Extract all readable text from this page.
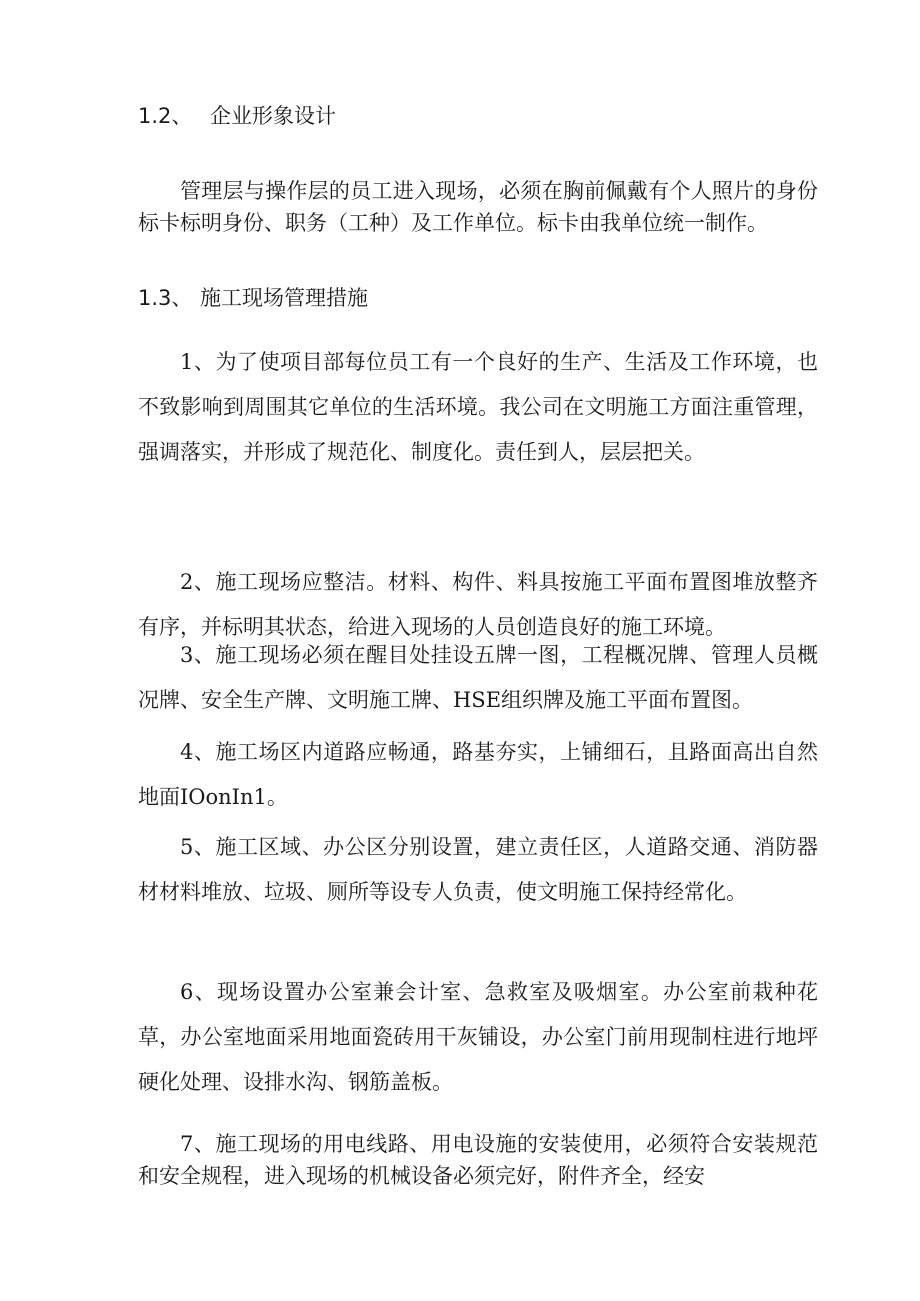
1.2、 企业形象设计

管理层与操作层的员工进入现场，必须在胸前佩戴有个人照片的身份标卡标明身份、职务（工种）及工作单位。标卡由我单位统一制作。

1.3、 施工现场管理措施

1、为了使项目部每位员工有一个良好的生产、生活及工作环境，也不致影响到周围其它单位的生活环境。我公司在文明施工方面注重管理，强调落实，并形成了规范化、制度化。责任到人，层层把关。

2、施工现场应整洁。材料、构件、料具按施工平面布置图堆放整齐有序，并标明其状态，给进入现场的人员创造良好的施工环境。

3、施工现场必须在醒目处挂设五牌一图，工程概况牌、管理人员概况牌、安全生产牌、文明施工牌、HSE组织牌及施工平面布置图。

4、施工场区内道路应畅通，路基夯实，上铺细石，且路面高出自然地面IOonIn1。

5、施工区域、办公区分别设置，建立责任区，人道路交通、消防器材材料堆放、垃圾、厕所等设专人负责，使文明施工保持经常化。

6、现场设置办公室兼会计室、急救室及吸烟室。办公室前栽种花草，办公室地面采用地面瓷砖用干灰铺设，办公室门前用现制柱进行地坪硬化处理、设排水沟、钢筋盖板。

7、施工现场的用电线路、用电设施的安装使用，必须符合安装规范和安全规程，进入现场的机械设备必须完好，附件齐全，经安
